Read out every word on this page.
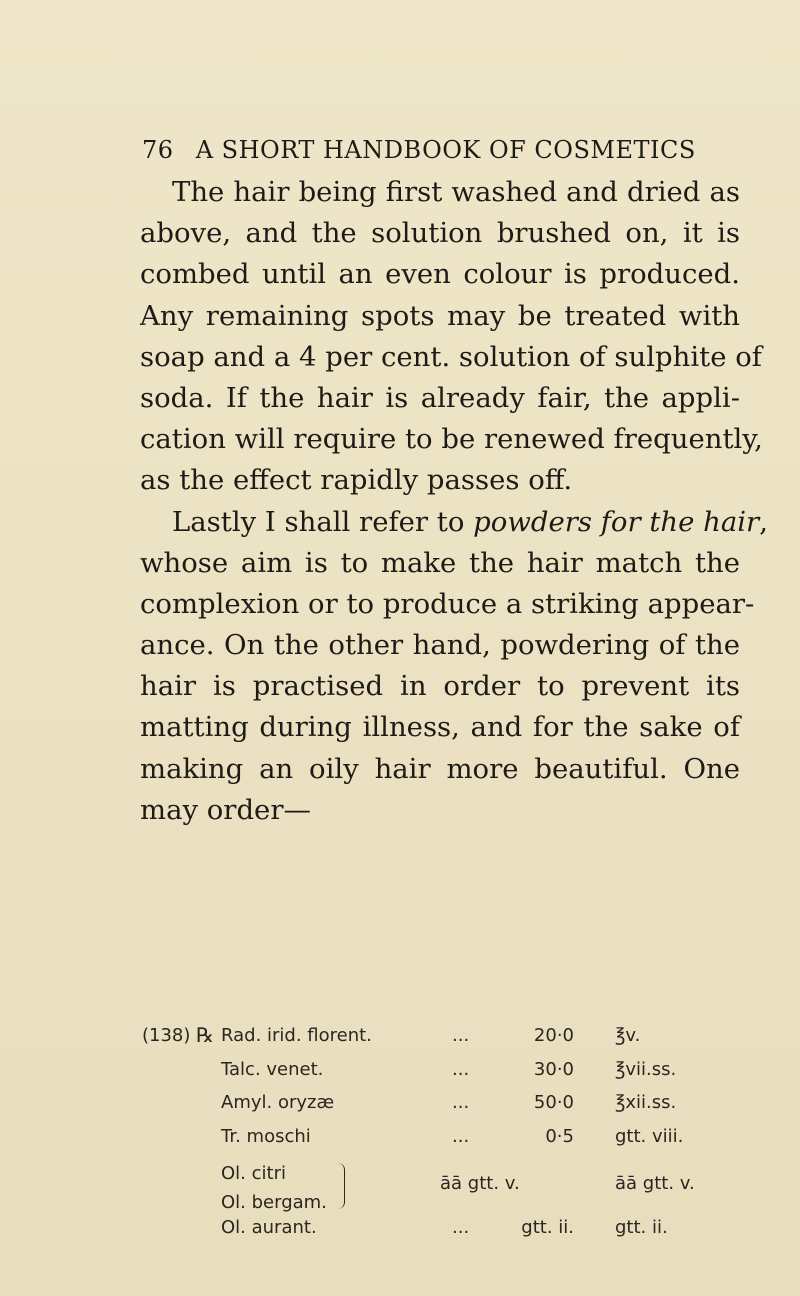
76 A SHORT HANDBOOK OF COSMETICS
The hair being first washed and dried as
above, and the solution brushed on, it is
combed until an even colour is produced.
Any remaining spots may be treated with
soap and a 4 per cent. solution of sulphite of
soda. If the hair is already fair, the appli-
cation will require to be renewed frequently,
as the effect rapidly passes off.
Lastly I shall refer to powders for the hair,
whose aim is to make the hair match the
complexion or to produce a striking appear-
ance. On the other hand, powdering of the
hair is practised in order to prevent its
matting during illness, and for the sake of
making an oily hair more beautiful. One
may order—
(138) ℞ Rad. irid. florent.	...	20·0 ℥v.
Talc. venet.	...	30·0 ℥vii.ss.
Amyl. oryzæ	...	50·0 ℥xii.ss.
Tr. moschi	...	0·5 gtt. viii.
Ol. citri
Ol. bergam.
āā gtt. v.	āā gtt. v.
Ol. aurant.	...	gtt. ii. gtt. ii.
